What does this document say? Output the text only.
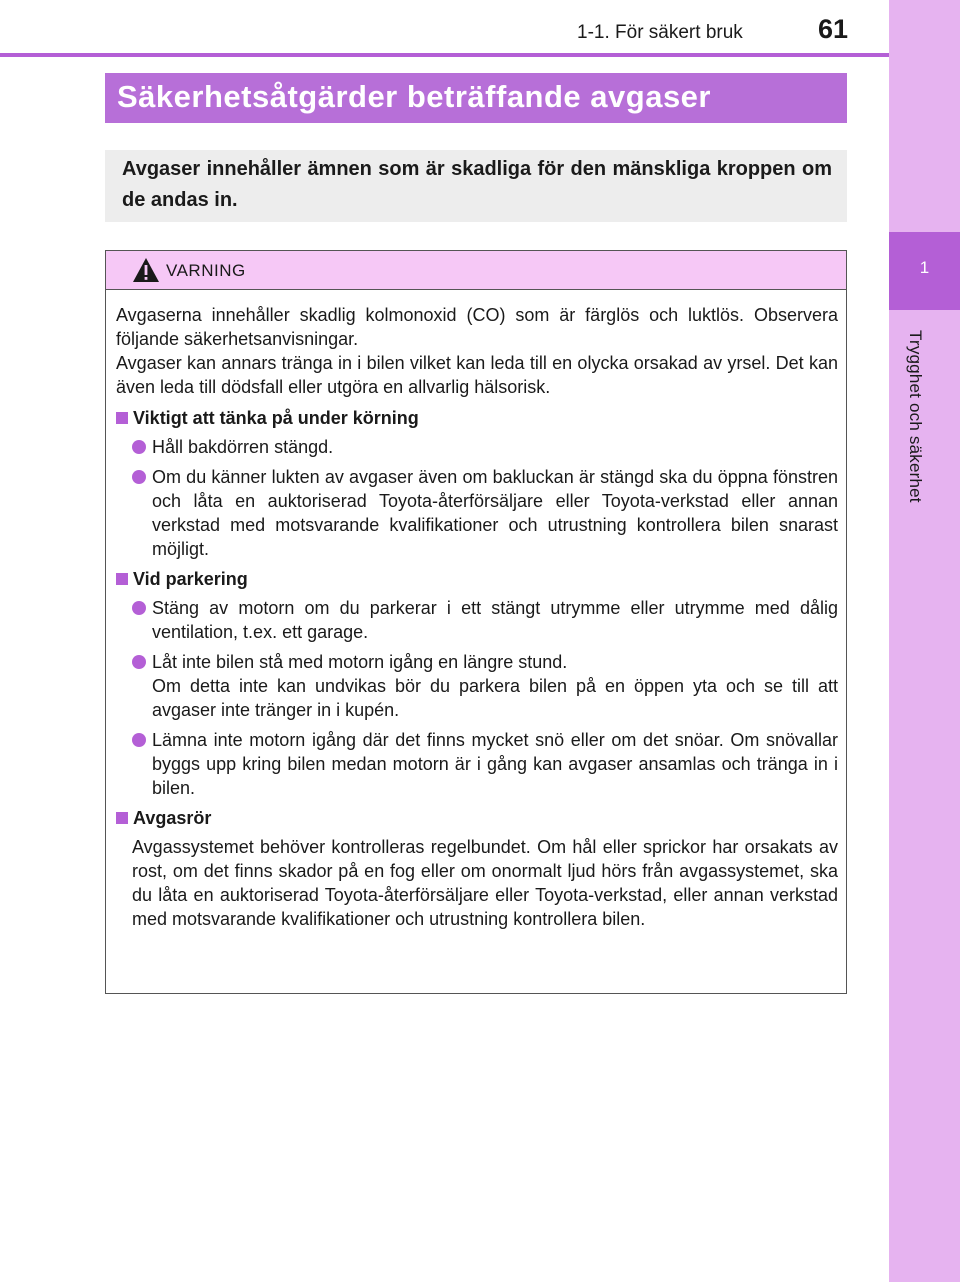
1
Trygghet och säkerhet
1-1. För säkert bruk	61
Säkerhetsåtgärder beträffande avgaser
Avgaser innehåller ämnen som är skadliga för den mänskliga kroppen om de andas in.
VARNING

Avgaserna innehåller skadlig kolmonoxid (CO) som är färglös och luktlös. Observera följande säkerhetsanvisningar.

Avgaser kan annars tränga in i bilen vilket kan leda till en olycka orsakad av yrsel. Det kan även leda till dödsfall eller utgöra en allvarlig hälsorisk.

Viktigt att tänka på under körning
Håll bakdörren stängd.
Om du känner lukten av avgaser även om bakluckan är stängd ska du öppna fönstren och låta en auktoriserad Toyota-återförsäljare eller Toyota-verkstad eller annan verkstad med motsvarande kvalifikationer och utrustning kontrollera bilen snarast möjligt.
Vid parkering
Stäng av motorn om du parkerar i ett stängt utrymme eller utrymme med dålig ventilation, t.ex. ett garage.
Låt inte bilen stå med motorn igång en längre stund.
Om detta inte kan undvikas bör du parkera bilen på en öppen yta och se till att avgaser inte tränger in i kupén.
Lämna inte motorn igång där det finns mycket snö eller om det snöar. Om snövallar byggs upp kring bilen medan motorn är i gång kan avgaser ansamlas och tränga in i bilen.
Avgasrör

Avgassystemet behöver kontrolleras regelbundet. Om hål eller sprickor har orsakats av rost, om det finns skador på en fog eller om onormalt ljud hörs från avgassystemet, ska du låta en auktoriserad Toyota-återförsäljare eller Toyota-verkstad, eller annan verkstad med motsvarande kvalifikationer och utrustning kontrollera bilen.
